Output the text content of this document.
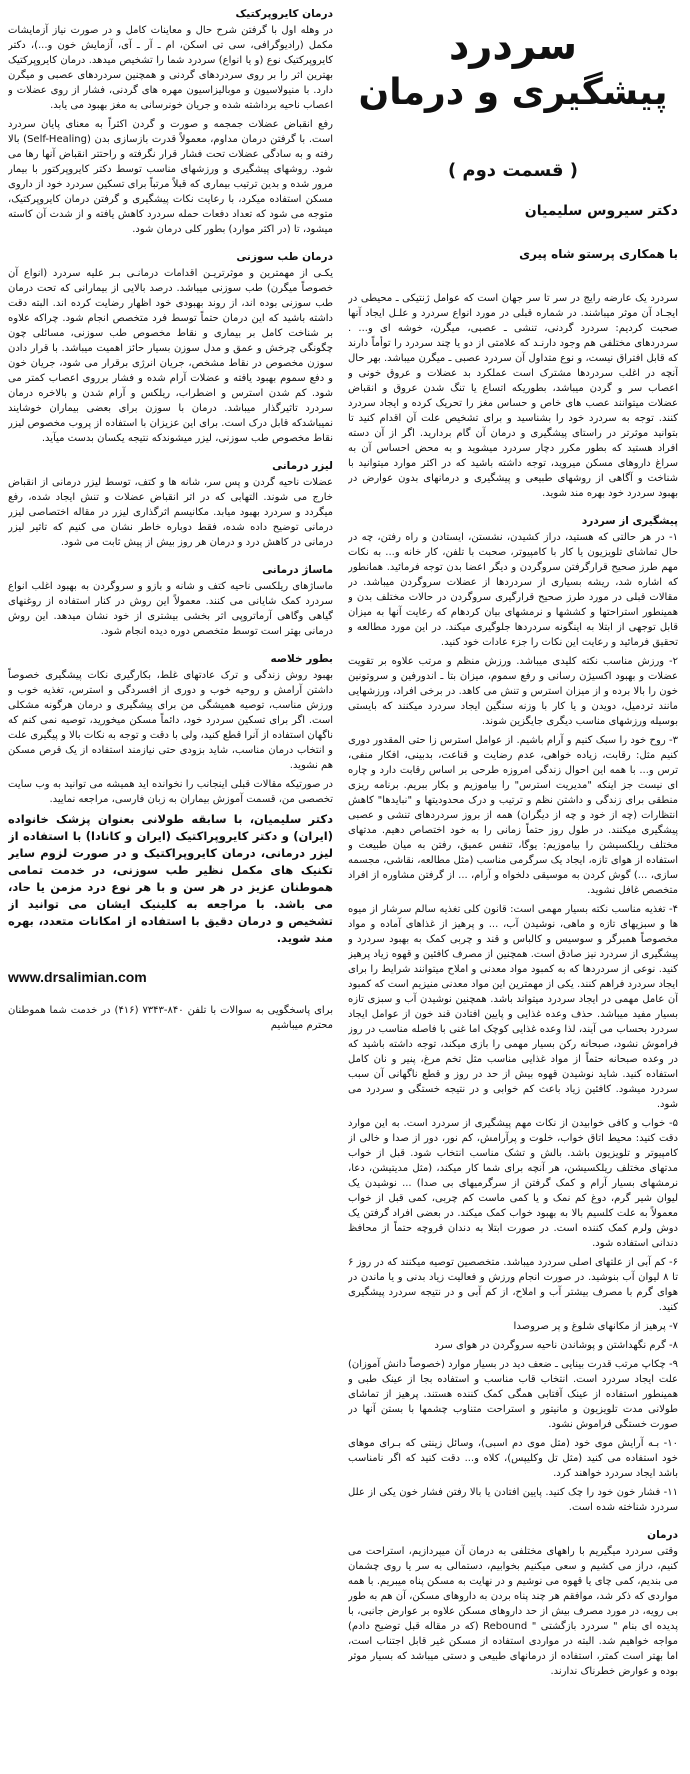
سردرد
پیشگیری و درمان
( قسمت دوم )
دکتر سیروس سلیمیان
با همکاری پرستو شاه پیری

سردرد یک عارضه رایج در سر تا سر جهان است که عوامل ژنتیکی ـ محیطی در ایجـاد آن موثر میباشند. در شماره قبلی در مورد انواع سردرد و علـل ایجاد آنها صحبت کردیم: سردرد گردنی، تنشی ـ عصبی، میگرن، خوشه ای و... . سردردهای مختلفی هم وجود دارنـد که علامتی از دو یا چند سردرد را توأماً دارند که قابل افتراق نیست، و نوع متداول آن سردرد عصبی ـ میگرن میباشد. بهر حال آنچه در اغلب سردردها مشترک است عملکرد بد عضلات و عروق خونی و اعصاب سر و گردن میباشد، بطوریکه اتساع یا تنگ شدن عروق و انقباض عضلات میتوانند عصب های خاص و حساس مغز را تحریک کرده و ایجاد سردرد کنند. توجه به سردرد خود را بشناسید و برای تشخیص علت آن اقدام کنید تا بتوانید موثرتر در راستای پیشگیری و درمان آن گام بردارید. اگر از آن دسته افراد هستید که بطور مکرر دچار سردرد میشوید و به محض احساس آن به سراغ داروهای مسکن میروید، توجه داشته باشید که در اکثر موارد میتوانید با شناخت و آگاهی از روشهای طبیعی و پیشگیری و درمانهای بدون عوارض در بهبود سردرد خود بهره مند شوید.

پیشگیری از سردرد

۱- در هر حالتی که هستید، دراز کشیدن، نشستن، ایستادن و راه رفتن، چه در حال تماشای تلویزیون یا کار با کامپیوتر، صحبت با تلفن، کار خانه و... به نکات مهم طرز صحیح قرارگرفتن سروگردن و دیگر اعضا بدن توجه فرمائید. همانطور که اشاره شد، ریشه بسیاری از سردردها از عضلات سروگردن میباشد. در مقالات قبلی در مورد طرز صحیح قرارگیری سروگردن در حالات مختلف بدن و همینطور استراحتها و کششها و نرمشهای بیان کردهام که رعایت آنها به میزان قابل توجهی از ابتلا به اینگونه سردردها جلوگیری میکند. در این مورد مطالعه و تحقیق فرمائید و رعایت این نکات را جزء عادات خود کنید.

۲- ورزش مناسب نکته کلیدی میباشد. ورزش منظم و مرتب علاوه بر تقویت عضلات و بهبود اکسیژن رسانی و رفع سموم، میزان بتا ـ اندورفین و سروتونین خون را بالا برده و از میزان استرس و تنش می کاهد. در برخی افراد، ورزشهایی مانند تردمیل، دویدن و یا کار با وزنه سنگین ایجاد سردرد میکنند که بایستی بوسیله ورزشهای مناسب دیگری جایگزین شوند.

۳- روح خود را سبک کنیم و آرام باشیم. از عوامل استرس زا حتی المقدور دوری کنیم مثل: رقابت، زیاده خواهی، عدم رضایت و قناعت، بدبینی، افکار منفی، ترس و... با همه این احوال زندگی امروزه طرحی بر اساس رقابت دارد و چاره ای نیست جز اینکه "مدیریت استرس" را بیاموزیم و بکار ببریم. برنامه ریزی منطقی برای زندگی و داشتن نظم و ترتیب و درک محدودیتها و "نبایدها" کاهش انتظارات (چه از خود و چه از دیگران) همه از بروز سردردهای تنشی و عصبی پیشگیری میکنند. در طول روز حتماً زمانی را به خود اختصاص دهیم. مدتهای مختلف ریلکسیشن را بیاموزیم: یوگا، تنفس عمیق، رفتن به میان طبیعت و استفاده از هوای تازه، ایجاد یک سرگرمی مناسب (مثل مطالعه، نقاشی، مجسمه سازی، ...) گوش کردن به موسیقی دلخواه و آرام، ... از گرفتن مشاوره از افراد متخصص غافل نشوید.

۴- تغذیه مناسب نکته بسیار مهمی است: قانون کلی تغذیه سالم سرشار از میوه ها و سبزیهای تازه و ماهی، نوشیدن آب، ... و پرهیز از غذاهای آماده و مواد مخصوصاً همبرگر و سوسیس و کالباس و قند و چربی کمک به بهبود سردرد و پیشگیری از سردرد نیز صادق است. همچنین از مصرف کافئین و قهوه زیاد پرهیز کنید. نوعی از سردردها که به کمبود مواد معدنی و املاح میتوانند شرایط را برای ایجاد سردرد فراهم کنند. یکی از مهمترین این مواد معدنی منیزیم است که کمبود آن عامل مهمی در ایجاد سردرد میتواند باشد. همچنین نوشیدن آب و سبزی تازه بسیار مفید میباشد. حذف وعده غذایی و پایین افتادن قند خون از عوامل ایجاد سردرد بحساب می آیند، لذا وعده غذایی کوچک اما غنی با فاصله مناسب در روز فراموش نشود، صبحانه رکن بسیار مهمی را بازی میکند، توجه داشته باشید که در وعده صبحانه حتماً از مواد غذایی مناسب مثل تخم مرغ، پنیر و نان کامل استفاده کنید. شاید نوشیدن قهوه بیش از حد در روز و قطع ناگهانی آن سبب سردرد میشود. کافئین زیاد باعث کم خوابی و در نتیجه خستگی و سردرد می شود.

۵- خواب و کافی خوابیدن از نکات مهم پیشگیری از سردرد است. به این موارد دقت کنید: محیط اتاق خواب، خلوت و پرآرامش، کم نور، دور از صدا و خالی از کامپیوتر و تلویزیون باشد. بالش و تشک مناسب انتخاب شود. قبل از خواب مدتهای مختلف ریلکسیشن، هر آنچه برای شما کار میکند، (مثل مدیتیشن، دعا، نرمشهای بسیار آرام و کمک گرفتن از سرگرمیهای بی صدا) ... نوشیدن یک لیوان شیر گرم، دوغ کم نمک و یا کمی ماست کم چربی، کمی قبل از خواب معمولاً به علت کلسیم بالا به بهبود خواب کمک میکند. در بعضی افراد گرفتن یک دوش ولرم کمک کننده است. در صورت ابتلا به دندان قروچه حتماً از محافظ دندانی استفاده شود.

۶- کم آبی از علتهای اصلی سردرد میباشد. متخصصین توصیه میکنند که در روز ۶ تا ۸ لیوان آب بنوشید. در صورت انجام ورزش و فعالیت زیاد بدنی و یا ماندن در هوای گرم با مصرف بیشتر آب و املاح، از کم آبی و در نتیجه سردرد پیشگیری کنید.

۷- پرهیز از مکانهای شلوغ و پر صروصدا

۸- گرم نگهداشتن و پوشاندن ناحیه سروگردن در هوای سرد

۹- چکاپ مرتب قدرت بینایی ـ ضعف دید در بسیار موارد (خصوصاً دانش آموزان) علت ایجاد سردرد است. انتخاب قاب مناسب و استفاده بجا از عینک طبی و همینطور استفاده از عینک آفتابی همگی کمک کننده هستند. پرهیز از تماشای طولانی مدت تلویزیون و مانیتور و استراحت متناوب چشمها با بستن آنها در صورت خستگی فراموش نشود.

۱۰- بـه آرایش موی خود (مثل موی دم اسبی)، وسائل زینتی که بـرای موهای خود استفاده می کنید (مثل تل وکلیپس)، کلاه و... دقت کنید که اگر نامناسب باشد ایجاد سردرد خواهند کرد.

۱۱- فشار خون خود را چک کنید. پایین افتادن یا بالا رفتن فشار خون یکی از علل سردرد شناخته شده است.

درمان

وقتی سردرد میگیریم با راههای مختلفی به درمان آن میپردازیم، استراحت می کنیم، دراز می کشیم و سعی میکنیم بخوابیم، دستمالی به سر یا روی چشمان می بندیم، کمی چای یا قهوه می نوشیم و در نهایت به مسکن پناه میبریم. با همه مواردی که ذکر شد، موافقم هر چند پناه بردن به داروهای مسکن، آن هم به طور بی رویه، در مورد مصرف بیش از حد داروهای مسکن علاوه بر عوارض جانبی، با پدیده ای بنام " سردرد بازگشتی " Rebound (که در مقاله قبل توضیح دادم) مواجه خواهیم شد. البته در مواردی استفاده از مسکن غیر قابل اجتناب است، اما بهتر است کمتر، استفاده از درمانهای طبیعی و دستی میباشد که بسیار موثر بوده و عوارض خطرناک ندارند.

درمان کایروپرکتیک

در وهله اول با گرفتن شرح حال و معاینات کامل و در صورت نیاز آزمایشات مکمل (رادیوگرافی، سی تی اسکن، ام ـ آر ـ آی، آزمایش خون و...)، دکتر کایروپرکتیک نوع (و یا انواع) سردرد شما را تشخیص میدهد. درمان کایروپرکتیک بهترین اثر را بر روی سردردهای گردنی و همچنین سردردهای عصبی و میگرن دارد. با منیولاسیون و موبالیزاسیون مهره های گردنی، فشار از روی عضلات و اعصاب ناحیه برداشته شده و جریان خونرسانی به مغز بهبود می یابد.

رفع انقباض عضلات جمجمه و صورت و گردن اکثراً به معنای پایان سردرد است. با گرفتن درمان مداوم، معمولاً قدرت بازسازی بدن (Self-Healing) بالا رفته و به سادگی عضلات تحت فشار قرار نگرفته و راحتتر انقباض آنها رها می شود. روشهای پیشگیری و ورزشهای مناسب توسط دکتر کایروپرکتور با بیمار مرور شده و بدین ترتیب بیماری که قبلاً مرتباً برای تسکین سردرد خود از داروی مسکن استفاده میکرد، با رعایت نکات پیشگیری و گرفتن درمان کایروپرکتیک، متوجه می شود که تعداد دفعات حمله سردرد کاهش یافته و از شدت آن کاسته میشود، تا (در اکثر موارد) بطور کلی درمان شود.

درمان طب سوزنی

یکـی از مهمترین و موثرتریـن اقدامات درمانـی بـر علیه سردرد (انواع آن خصوصاً میگرن) طب سوزنی میباشد. درصد بالایی از بیمارانی که تحت درمان طب سوزنی بوده اند، از روند بهبودی خود اظهار رضایت کرده اند. البته دقت داشته باشید که این درمان حتماً توسط فرد متخصص انجام شود. چراکه علاوه بر شناخت کامل بر بیماری و نقاط مخصوص طب سوزنی، مسائلی چون چگونگی چرخش و عمق و مدل سوزن بسیار حائز اهمیت میباشد. با قرار دادن سوزن مخصوص در نقاط مشخص، جریان انرژی برقرار می شود، جریان خون و دفع سموم بهبود یافته و عضلات آرام شده و فشار برروی اعصاب کمتر می شود. کم شدن استرس و اضطراب، ریلکس و آرام شدن و بالاخره درمان سردرد تاثیرگذار میباشد. درمان با سوزن برای بعضی بیماران خوشایند نمیباشدکه قابل درک است. برای این عزیزان با استفاده از پروب مخصوص لیزر نقاط مخصوص طب سوزنی، لیزر میشوندکه نتیجه یکسان بدست میآید.

لیزر درمانی

عضلات ناحیه گردن و پس سر، شانه ها و کتف، توسط لیزر درمانی از انقباض خارج می شوند. التهابی که در اثر انقباض عضلات و تنش ایجاد شده، رفع میگردد و سردرد بهبود میابد. مکانیسم اثرگذاری لیزر در مقاله اختصاصی لیزر درمانی توضیح داده شده، فقط دوباره خاطر نشان می کنیم که تاثیر لیزر درمانی در کاهش درد و درمان هر روز بیش از پیش ثابت می شود.

ماساژ درمانی

ماساژهای ریلکسی ناحیه کتف و شانه و بازو و سروگردن به بهبود اغلب انواع سردرد کمک شایانی می کنند. معمولاً این روش در کنار استفاده از روغنهای گیاهی وگاهی آرماتروپی اثر بخشی بیشتری از خود نشان میدهد. این روش درمانی بهتر است توسط متخصص دوره دیده انجام شود.

بطور خلاصه

بهبود روش زندگی و ترک عادتهای غلط، بکارگیری نکات پیشگیری خصوصاً داشتن آرامش و روحیه خوب و دوری از افسردگی و استرس، تغذیه خوب و ورزش مناسب، توصیه همیشگی من برای پیشگیری و درمان هرگونه مشکلی است. اگر برای تسکین سردرد خود، دائماً مسکن میخورید، توصیه نمی کنم که ناگهان استفاده از آنرا قطع کنید، ولی با دقت و توجه به نکات بالا و پیگیری علت و انتخاب درمان مناسب، شاید بزودی حتی نیازمند استفاده از یک قرص مسکن هم نشوید.

در صورتیکه مقالات قبلی اینجانب را نخوانده اید همیشه می توانید به وب سایت تخصصی من، قسمت آموزش بیماران به زبان فارسی، مراجعه نمایید.

دکتر سلیمیان، با سابقه طولانی بعنوان پزشک خانواده (ایران) و دکتر کایروپراکتیک (ایران و کانادا) با استفاده از لیزر درمانی، درمان کایروپراکتیک و در صورت لزوم سایر تکنیک های مکمل نظیر طب سوزنی، در خدمت تمامی هموطنان عزیز در هر سن و با هر نوع درد مزمن یا حاد، می باشد. با مراجعه به کلینیک ایشان می توانید از تشخیص و درمان دقیق با استفاده از امکانات متعدد، بهره مند شوید.

www.drsalimian.com
برای پاسخگویی به سوالات با تلفن ۸۴۰-۷۳۴۳ (۴۱۶) در خدمت شما هموطنان محترم میباشیم
